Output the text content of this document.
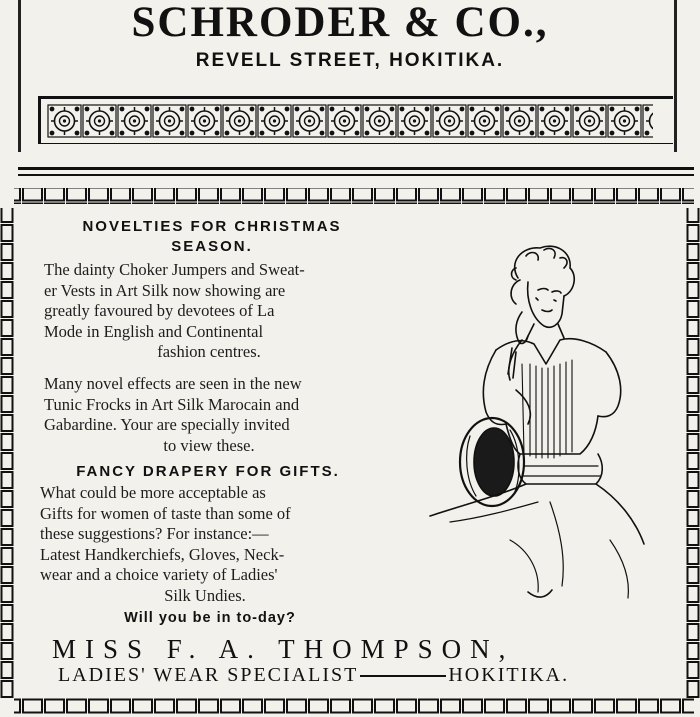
SCHRODER & CO.,
REVELL STREET, HOKITIKA.
NOVELTIES FOR CHRISTMAS
SEASON.
The dainty Choker Jumpers and Sweat-
er Vests in Art Silk now showing are
greatly favoured by devotees of La
Mode in English and Continental
fashion centres.
Many novel effects are seen in the new
Tunic Frocks in Art Silk Marocain and
Gabardine. Your are specially invited
to view these.
FANCY DRAPERY FOR GIFTS.
What could be more acceptable as
Gifts for women of taste than some of
these suggestions? For instance:—
Latest Handkerchiefs, Gloves, Neck-
wear and a choice variety of Ladies'
Silk Undies.
Will you be in to-day?
MISS F. A. THOMPSON,
LADIES' WEAR SPECIALIST	HOKITIKA.
